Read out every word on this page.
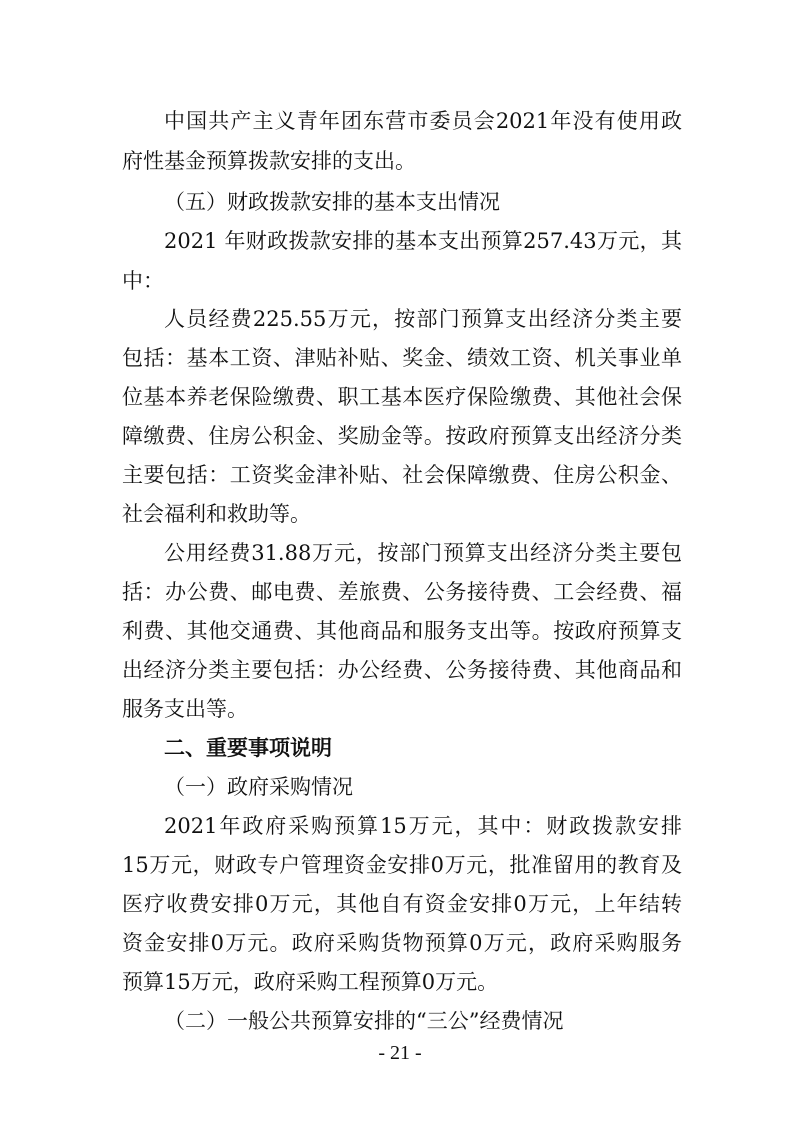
中国共产主义青年团东营市委员会2021年没有使用政
府性基金预算拨款安排的支出。
（五）财政拨款安排的基本支出情况
2021 年财政拨款安排的基本支出预算257.43万元，其
中：
人员经费225.55万元，按部门预算支出经济分类主要
包括：基本工资、津贴补贴、奖金、绩效工资、机关事业单
位基本养老保险缴费、职工基本医疗保险缴费、其他社会保
障缴费、住房公积金、奖励金等。按政府预算支出经济分类
主要包括：工资奖金津补贴、社会保障缴费、住房公积金、
社会福利和救助等。
公用经费31.88万元，按部门预算支出经济分类主要包
括：办公费、邮电费、差旅费、公务接待费、工会经费、福
利费、其他交通费、其他商品和服务支出等。按政府预算支
出经济分类主要包括：办公经费、公务接待费、其他商品和
服务支出等。
二、重要事项说明
（一）政府采购情况
2021年政府采购预算15万元，其中：财政拨款安排
15万元，财政专户管理资金安排0万元，批准留用的教育及
医疗收费安排0万元，其他自有资金安排0万元，上年结转
资金安排0万元。政府采购货物预算0万元，政府采购服务
预算15万元，政府采购工程预算0万元。
（二）一般公共预算安排的“三公”经费情况
- 21 -
